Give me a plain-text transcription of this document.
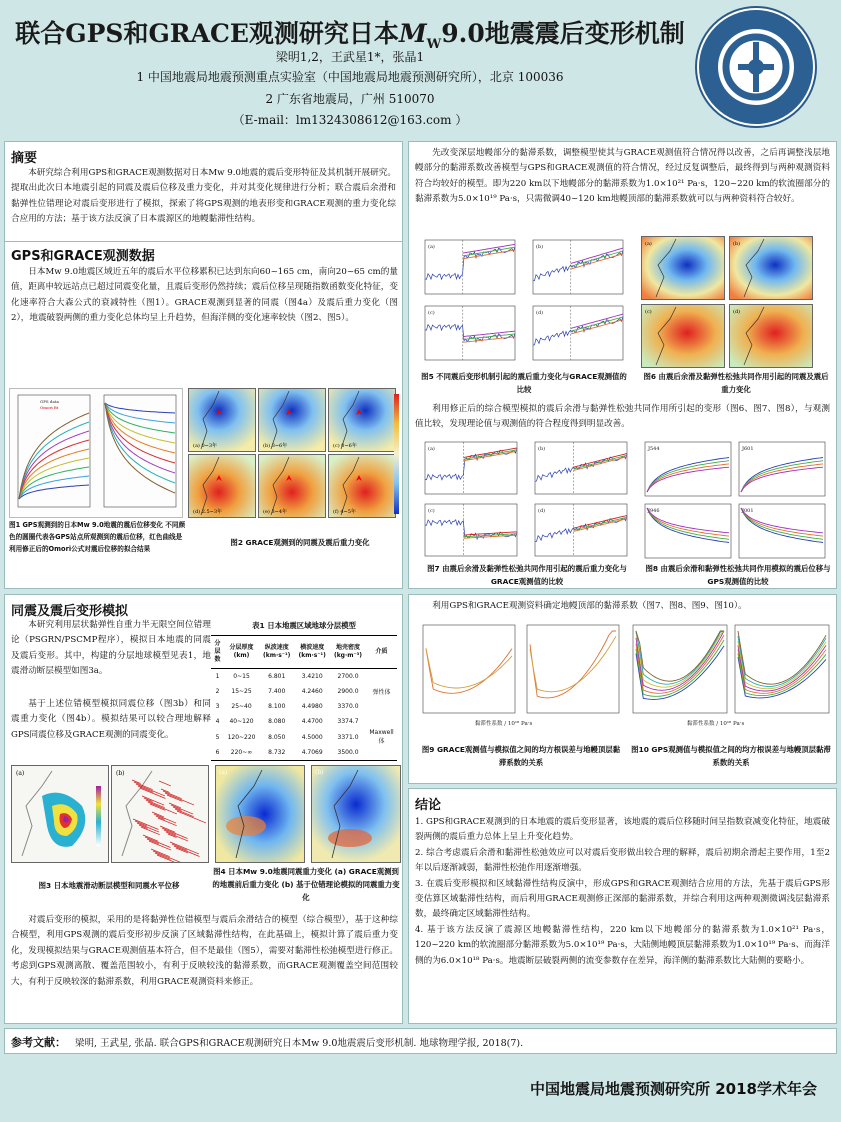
联合GPS和GRACE观测研究日本$M_W9.0$地震震后变形机制
梁明1,2，王武星1*，张晶1
1 中国地震局地震预测重点实验室（中国地震局地震预测研究所），北京 100036
2 广东省地震局，广州 510070
（E-mail：lm1324308612@163.com ）
摘要
本研究综合利用GPS和GRACE观测数据对日本Mw 9.0地震的震后变形特征及其机制开展研究。提取出此次日本地震引起的同震及震后位移及重力变化，并对其变化规律进行分析；联合震后余滑和黏弹性位错理论对震后变形进行了模拟，探索了将GPS观测的地表形变和GRACE观测的重力变化综合应用的方法；基于该方法反演了日本震源区的地幔黏滞性结构。
GPS和GRACE观测数据
日本Mw 9.0地震区域近五年的震后水平位移累积已达到东向60~165 cm，南向20~65 cm的量值，距离申较远站点已超过同震变化量，且震后变形仍然持续；震后位移呈现随指数函数变化特征，变化速率符合大森公式的衰减特性（图1）。GRACE观测到显著的同震（图4a）及震后重力变化（图2），地震破裂两侧的重力变化总体均呈上升趋势，但海洋侧的变化速率较快（图2、图5）。
GPS data
Omori fit
(a) 0~3年	(b) 3~6年	(c) 0~6年
(d) 2.5~3年	(e) 3~4年	(f) 4~5年
图1 GPS观测到的日本Mw 9.0地震的震后位移变化 不同颜色的圆圈代表各GPS站点所观测到的震后位移，红色曲线是利用修正后的Omori公式对震后位移的拟合结果
图2 GRACE观测到的同震及震后重力变化
同震及震后变形模拟
本研究利用层状黏弹性自重力半无限空间位错理论（PSGRN/PSCMP程序），模拟日本地震的同震及震后变形。其中，构建的分层地球模型见表1，地震滑动断层模型如图3a。
基于上述位错模型模拟同震位移（图3b）和同震重力变化（图4b）。模拟结果可以较合理地解释GPS同震位移及GRACE观测的同震变化。
表1 日本地震区域地球分层模型
分层数	分层厚度(km)	纵波速度(km·s⁻¹)	横波速度(km·s⁻¹)	地壳密度(kg·m⁻³)	介质
1	0~15	6.801	3.4210	2700.0	
2	15~25	7.400	4.2460	2900.0	弹性体
3	25~40	8.100	4.4980	3370.0	
4	40~120	8.080	4.4700	3374.7	
5	120~220	8.050	4.5000	3371.0	Maxwell体
6	220~∞	8.732	4.7069	3500.0	
(a)	(b)	(a)	(b)
图3 日本地震滑动断层模型和同震水平位移
图4 日本Mw 9.0地震同震重力变化 (a) GRACE观测到的地震前后重力变化 (b) 基于位错理论模拟的同震重力变化
对震后变形的模拟，采用的是将黏弹性位错模型与震后余滑结合的模型（综合模型），基于这种综合模型，利用GPS观测的震后变形初步反演了区域黏滞性结构，在此基础上，模拟计算了震后重力变化，发现模拟结果与GRACE观测值基本符合，但不是最佳（图5），需要对黏滞性松弛模型进行修正。考虑到GPS观测离散、覆盖范围较小，有利于反映较浅的黏滞系数，而GRACE观测覆盖空间范围较大，有利于反映较深的黏滞系数，利用GRACE观测资料来修正。
先改变深层地幔部分的黏滞系数，调整模型使其与GRACE观测值符合情况得以改善，之后再调整浅层地幔部分的黏滞系数改善模型与GPS和GRACE观测值的符合情况，经过反复调整后，最终得到与两种观测资料符合均较好的模型。即为220 km以下地幔部分的黏滞系数为1.0×10²¹ Pa·s，120~220 km的软流圈部分的黏滞系数为5.0×10¹⁹ Pa·s，只需微调40~120 km地幔顶部的黏滞系数就可以与两种资料符合较好。
(a)	(b)
(c)	(d)
(a)	(b)
(c)	(d)
图5 不同震后变形机制引起的震后重力变化与GRACE观测值的比较
图6 由震后余滑及黏弹性松弛共同作用引起的同震及震后重力变化
利用修正后的综合模型模拟的震后余滑与黏弹性松弛共同作用所引起的变形（图6、图7、图8），与观测值比较，发现理论值与观测值的符合程度得到明显改善。
(a)	(b)
(c)	(d)
J544	J601
J946	J001
图7 由震后余滑及黏弹性松弛共同作用引起的震后重力变化与GRACE观测值的比较
图8 由震后余滑和黏弹性松弛共同作用模拟的震后位移与GPS观测值的比较
利用GPS和GRACE观测资料确定地幔顶部的黏滞系数（图7、图8、图9、图10）。
黏滞性系数 / 10¹⁸ Pa·s	黏滞性系数 / 10¹⁸ Pa·s
图9 GRACE观测值与模拟值之间的均方根误差与地幔顶层黏滞系数的关系
图10 GPS观测值与模拟值之间的均方根误差与地幔顶层黏滞系数的关系
结论

1. GPS和GRACE观测到的日本地震的震后变形显著，该地震的震后位移随时间呈指数衰减变化特征，地震破裂两侧的震后重力总体上呈上升变化趋势。

2. 综合考虑震后余滑和黏滞性松弛效应可以对震后变形做出较合理的解释，震后初期余滑起主要作用，1至2年以后逐渐减弱，黏滞性松弛作用逐渐增强。

3. 在震后变形模拟和区域黏滞性结构反演中，形成GPS和GRACE观测结合应用的方法，先基于震后GPS形变估算区域黏滞性结构，而后利用GRACE观测修正深部的黏滞系数，并综合利用这两种观测微调浅层黏滞系数，最终确定区域黏滞性结构。

4. 基于该方法反演了震源区地幔黏滞性结构，220 km以下地幔部分的黏滞系数为1.0×10²¹ Pa·s，120~220 km的软流圈部分黏滞系数为5.0×10¹⁹ Pa·s，大陆侧地幔顶层黏滞系数为1.0×10¹⁹ Pa·s、而海洋侧的为6.0×10¹⁸ Pa·s。地震断层破裂两侧的流变参数存在差异，海洋侧的黏滞系数比大陆侧的要略小。

参考文献： 梁明, 王武星, 张晶. 联合GPS和GRACE观测研究日本Mw 9.0地震震后变形机制. 地球物理学报, 2018(7).
中国地震局地震预测研究所 2018学术年会
